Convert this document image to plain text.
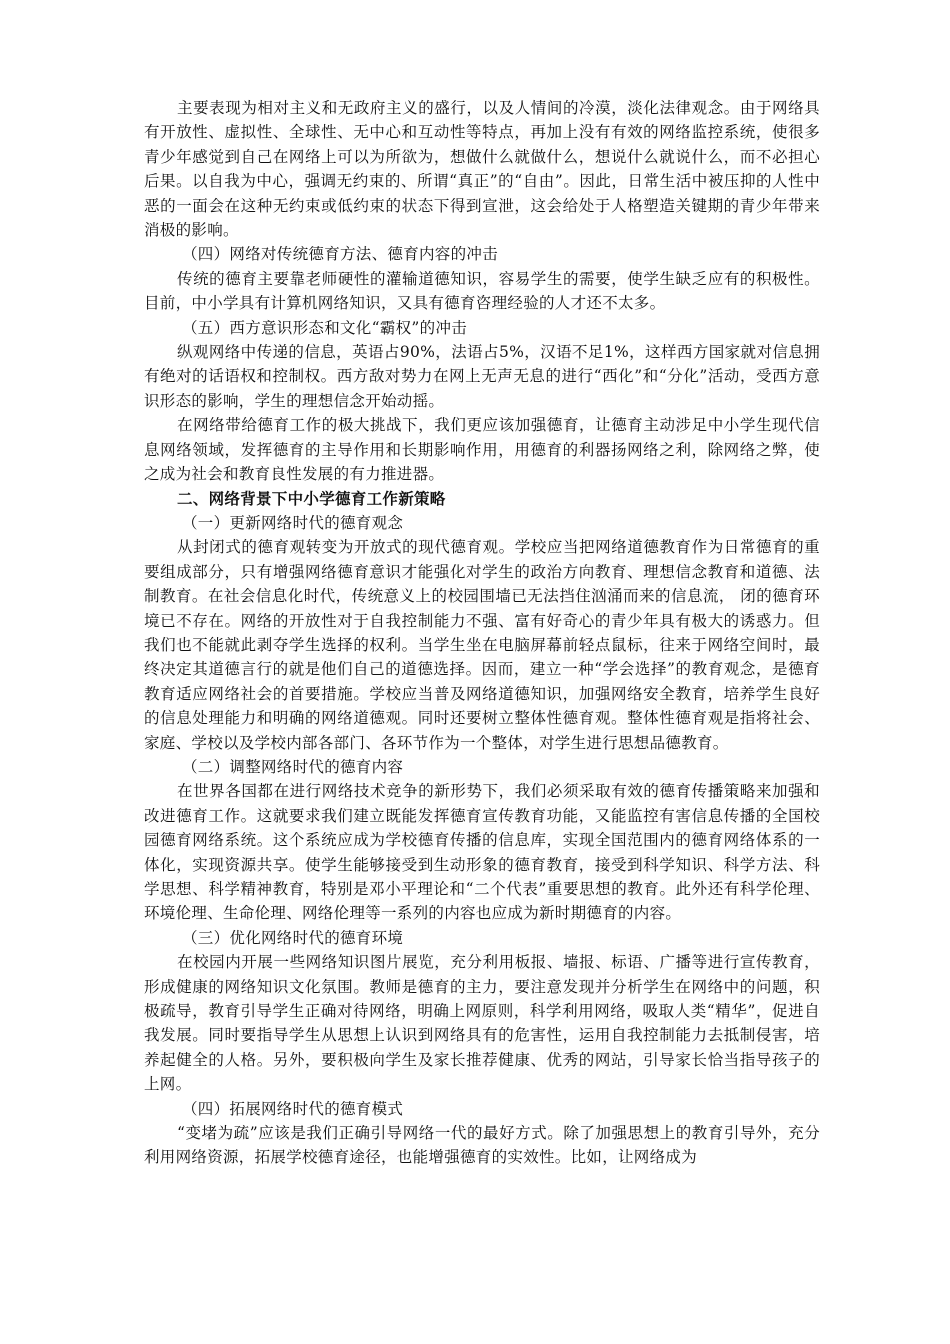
主要表现为相对主义和无政府主义的盛行，以及人情间的冷漠，淡化法律观念。由于网络具有开放性、虚拟性、全球性、无中心和互动性等特点，再加上没有有效的网络监控系统，使很多青少年感觉到自己在网络上可以为所欲为，想做什么就做什么，想说什么就说什么，而不必担心后果。以自我为中心，强调无约束的、所谓“真正”的“自由”。因此，日常生活中被压抑的人性中恶的一面会在这种无约束或低约束的状态下得到宣泄，这会给处于人格塑造关键期的青少年带来消极的影响。

（四）网络对传统德育方法、德育内容的冲击

传统的德育主要靠老师硬性的灌输道德知识，容易学生的需要，使学生缺乏应有的积极性。目前，中小学具有计算机网络知识，又具有德育咨理经验的人才还不太多。

（五）西方意识形态和文化“霸权”的冲击

纵观网络中传递的信息，英语占90%，法语占5%，汉语不足1%，这样西方国家就对信息拥有绝对的话语权和控制权。西方敌对势力在网上无声无息的进行“西化”和“分化”活动，受西方意识形态的影响，学生的理想信念开始动摇。

在网络带给德育工作的极大挑战下，我们更应该加强德育，让德育主动涉足中小学生现代信息网络领域，发挥德育的主导作用和长期影响作用，用德育的利器扬网络之利，除网络之弊，使之成为社会和教育良性发展的有力推进器。

二、网络背景下中小学德育工作新策略

（一）更新网络时代的德育观念

从封闭式的德育观转变为开放式的现代德育观。学校应当把网络道德教育作为日常德育的重要组成部分，只有增强网络德育意识才能强化对学生的政治方向教育、理想信念教育和道德、法制教育。在社会信息化时代，传统意义上的校园围墙已无法挡住汹涌而来的信息流， 闭的德育环境已不存在。网络的开放性对于自我控制能力不强、富有好奇心的青少年具有极大的诱惑力。但我们也不能就此剥夺学生选择的权利。当学生坐在电脑屏幕前轻点鼠标，往来于网络空间时，最终决定其道德言行的就是他们自己的道德选择。因而，建立一种“学会选择”的教育观念，是德育教育适应网络社会的首要措施。学校应当普及网络道德知识，加强网络安全教育，培养学生良好的信息处理能力和明确的网络道德观。同时还要树立整体性德育观。整体性德育观是指将社会、家庭、学校以及学校内部各部门、各环节作为一个整体，对学生进行思想品德教育。

（二）调整网络时代的德育内容

在世界各国都在进行网络技术竞争的新形势下，我们必须采取有效的德育传播策略来加强和改进德育工作。这就要求我们建立既能发挥德育宣传教育功能，又能监控有害信息传播的全国校园德育网络系统。这个系统应成为学校德育传播的信息库，实现全国范围内的德育网络体系的一体化，实现资源共享。使学生能够接受到生动形象的德育教育，接受到科学知识、科学方法、科学思想、科学精神教育，特别是邓小平理论和“二个代表”重要思想的教育。此外还有科学伦理、环境伦理、生命伦理、网络伦理等一系列的内容也应成为新时期德育的内容。

（三）优化网络时代的德育环境

在校园内开展一些网络知识图片展览，充分利用板报、墙报、标语、广播等进行宣传教育，形成健康的网络知识文化氛围。教师是德育的主力，要注意发现并分析学生在网络中的问题，积极疏导，教育引导学生正确对待网络，明确上网原则，科学利用网络，吸取人类“精华”，促进自我发展。同时要指导学生从思想上认识到网络具有的危害性，运用自我控制能力去抵制侵害，培养起健全的人格。另外，要积极向学生及家长推荐健康、优秀的网站，引导家长恰当指导孩子的上网。

（四）拓展网络时代的德育模式

“变堵为疏”应该是我们正确引导网络一代的最好方式。除了加强思想上的教育引导外，充分利用网络资源，拓展学校德育途径，也能增强德育的实效性。比如，让网络成为
